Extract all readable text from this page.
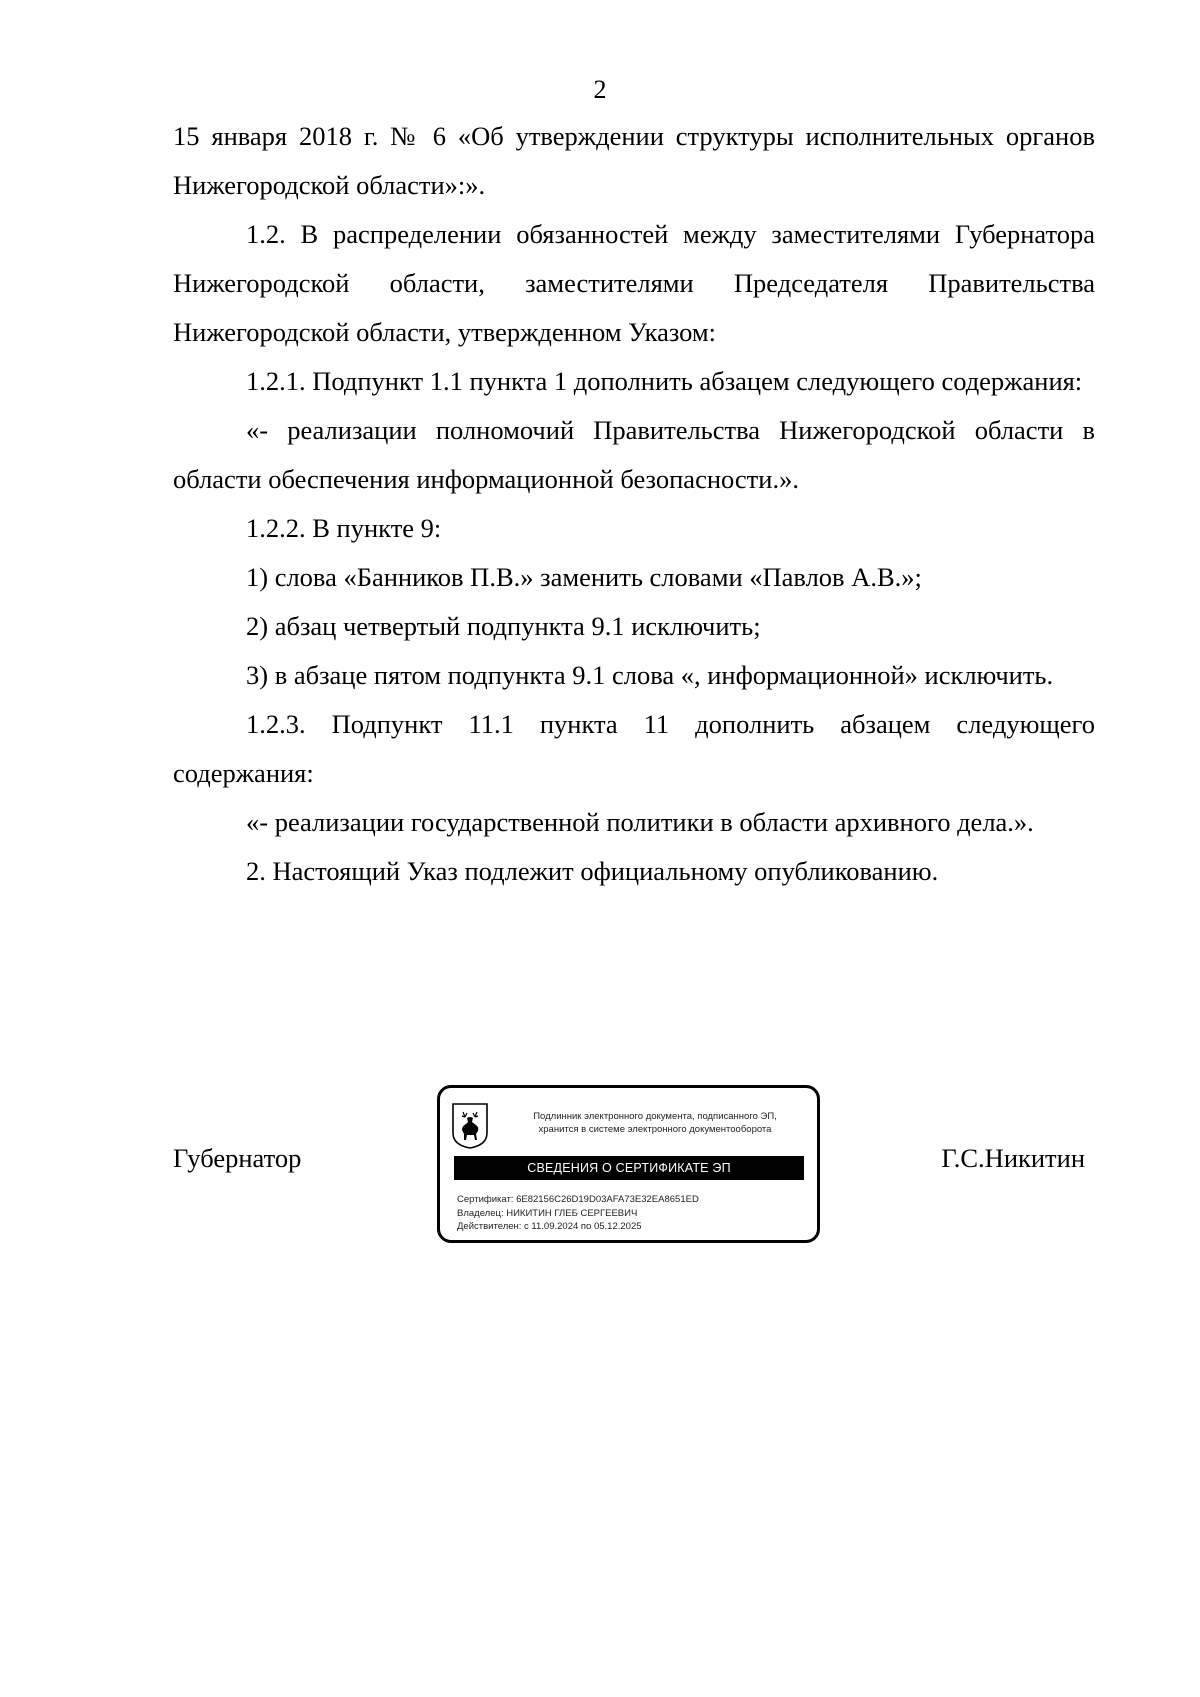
2

15 января 2018 г. № 6 «Об утверждении структуры исполнительных органов Нижегородской области»:».

1.2. В распределении обязанностей между заместителями Губернатора Нижегородской области, заместителями Председателя Правительства Нижегородской области, утвержденном Указом:

1.2.1. Подпункт 1.1 пункта 1 дополнить абзацем следующего содержания:

«- реализации полномочий Правительства Нижегородской области в области обеспечения информационной безопасности.».

1.2.2. В пункте 9:

1) слова «Банников П.В.» заменить словами «Павлов А.В.»;

2) абзац четвертый подпункта 9.1 исключить;

3) в абзаце пятом подпункта 9.1 слова «, информационной» исключить.

1.2.3. Подпункт 11.1 пункта 11 дополнить абзацем следующего содержания:

«- реализации государственной политики в области архивного дела.».

2. Настоящий Указ подлежит официальному опубликованию.

Губернатор
Подлинник электронного документа, подписанного ЭП,
хранится в системе электронного документооборота
СВЕДЕНИЯ О СЕРТИФИКАТЕ ЭП
Сертификат: 6E82156C26D19D03AFA73E32EA8651ED
Владелец: НИКИТИН ГЛЕБ СЕРГЕЕВИЧ
Действителен: с 11.09.2024 по 05.12.2025
Г.С.Никитин
